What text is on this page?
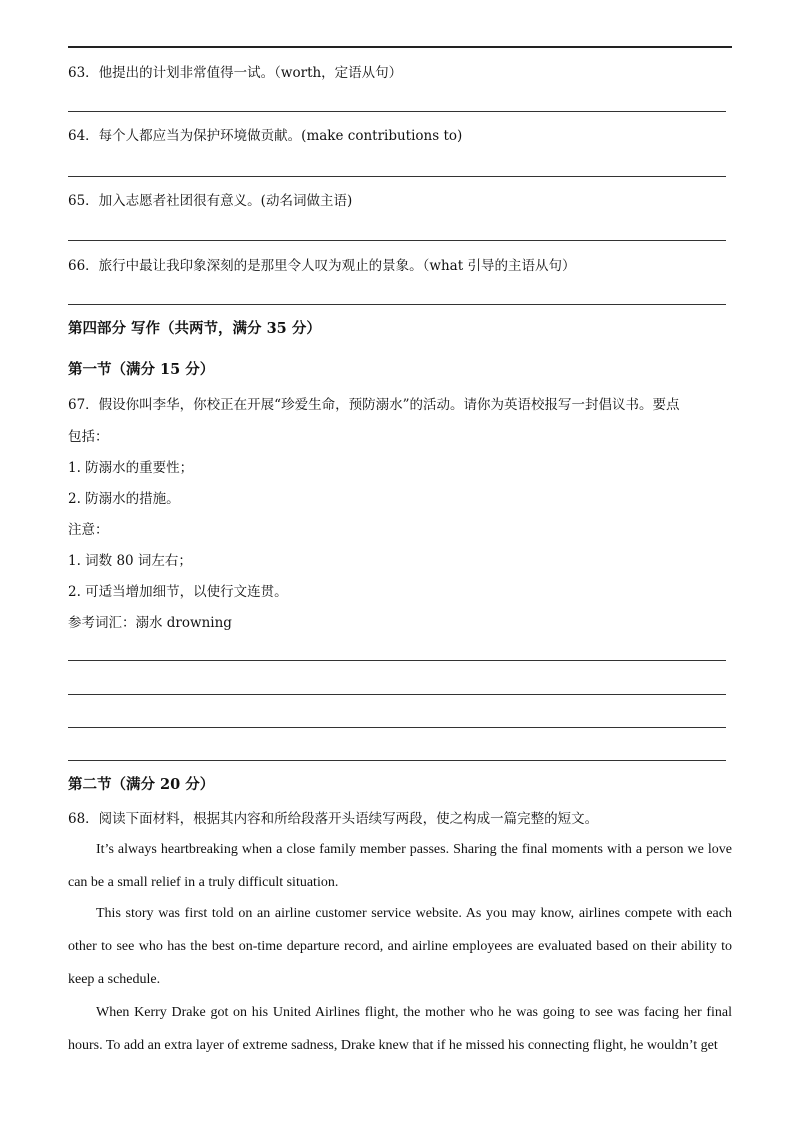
63．他提出的计划非常值得一试。（worth，定语从句）
64．每个人都应当为保护环境做贡献。(make contributions to)
65．加入志愿者社团很有意义。(动名词做主语)
66．旅行中最让我印象深刻的是那里令人叹为观止的景象。（what 引导的主语从句）
第四部分 写作（共两节，满分 35 分）
第一节（满分 15 分）
67．假设你叫李华，你校正在开展“珍爱生命，预防溺水”的活动。请你为英语校报写一封倡议书。要点
包括：
1. 防溺水的重要性；
2. 防溺水的措施。
注意：
1. 词数 80 词左右；
2. 可适当增加细节，以使行文连贯。
参考词汇：溺水 drowning
第二节（满分 20 分）
68．阅读下面材料，根据其内容和所给段落开头语续写两段，使之构成一篇完整的短文。
It’s always heartbreaking when a close family member passes. Sharing the final moments with a person we love can be a small relief in a truly difficult situation.
This story was first told on an airline customer service website. As you may know, airlines compete with each other to see who has the best on-time departure record, and airline employees are evaluated based on their ability to keep a schedule.
When Kerry Drake got on his United Airlines flight, the mother who he was going to see was facing her final hours. To add an extra layer of extreme sadness, Drake knew that if he missed his connecting flight, he wouldn’t get
